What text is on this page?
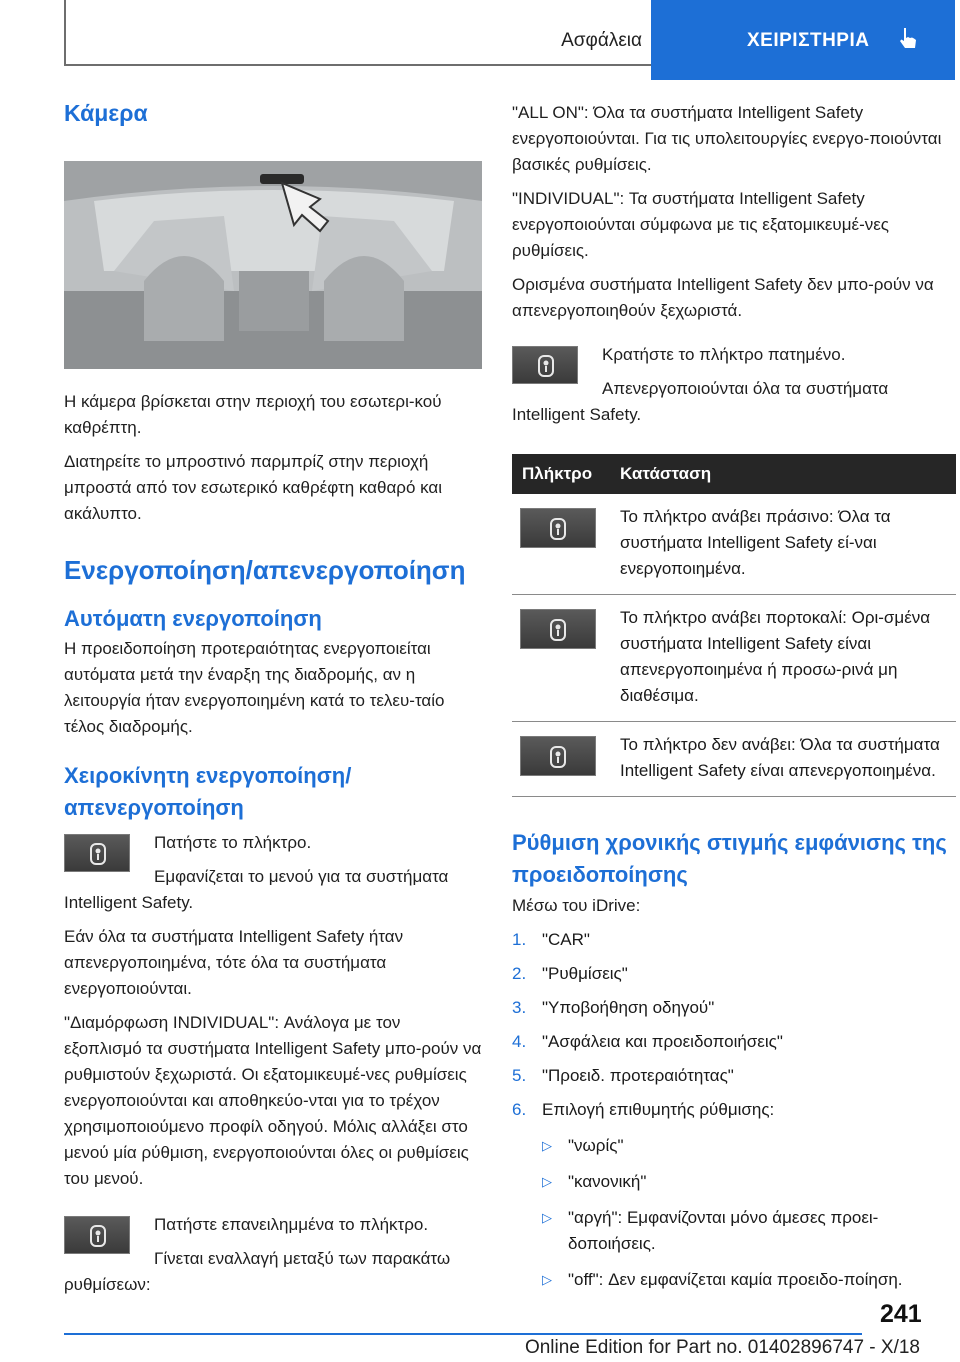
Ασφάλεια	ΧΕΙΡΙΣΤΗΡΙΑ
Κάμερα
Η κάμερα βρίσκεται στην περιοχή του εσωτερι-κού καθρέπτη.
Διατηρείτε το μπροστινό παρμπρίζ στην περιοχή μπροστά από τον εσωτερικό καθρέφτη καθαρό και ακάλυπτο.
Ενεργοποίηση/απενεργοποίηση
Αυτόματη ενεργοποίηση
Η προειδοποίηση προτεραιότητας ενεργοποιείται αυτόματα μετά την έναρξη της διαδρομής, αν η λειτουργία ήταν ενεργοποιημένη κατά το τελευ-ταίο τέλος διαδρομής.
Χειροκίνητη ενεργοποίηση/απενεργοποίηση
Πατήστε το πλήκτρο.
Εμφανίζεται το μενού για τα συστήματα Intelligent Safety.
Εάν όλα τα συστήματα Intelligent Safety ήταν απενεργοποιημένα, τότε όλα τα συστήματα ενεργοποιούνται.
"Διαμόρφωση INDIVIDUAL": Ανάλογα με τον εξοπλισμό τα συστήματα Intelligent Safety μπο-ρούν να ρυθμιστούν ξεχωριστά. Οι εξατομικευμέ-νες ρυθμίσεις ενεργοποιούνται και αποθηκεύο-νται για το τρέχον χρησιμοποιούμενο προφίλ οδηγού. Μόλις αλλάξει στο μενού μία ρύθμιση, ενεργοποιούνται όλες οι ρυθμίσεις του μενού.
Πατήστε επανειλημμένα το πλήκτρο.
Γίνεται εναλλαγή μεταξύ των παρακάτω ρυθμίσεων:
"ALL ON": Όλα τα συστήματα Intelligent Safety ενεργοποιούνται. Για τις υπολειτουργίες ενεργο-ποιούνται βασικές ρυθμίσεις.
"INDIVIDUAL": Τα συστήματα Intelligent Safety ενεργοποιούνται σύμφωνα με τις εξατομικευμέ-νες ρυθμίσεις.
Ορισμένα συστήματα Intelligent Safety δεν μπο-ρούν να απενεργοποιηθούν ξεχωριστά.
Κρατήστε το πλήκτρο πατημένο.
Απενεργοποιούνται όλα τα συστήματα Intelligent Safety.
Πλήκτρο	Κατάσταση
Το πλήκτρο ανάβει πράσινο: Όλα τα συστήματα Intelligent Safety εί-ναι ενεργοποιημένα.
Το πλήκτρο ανάβει πορτοκαλί: Ορι-σμένα συστήματα Intelligent Safety είναι απενεργοποιημένα ή προσω-ρινά μη διαθέσιμα.
Το πλήκτρο δεν ανάβει: Όλα τα συστήματα Intelligent Safety είναι απενεργοποιημένα.
Ρύθμιση χρονικής στιγμής εμφάνισης της προειδοποίησης
Μέσω του iDrive:
1. "CAR"
2. "Ρυθμίσεις"
3. "Υποβοήθηση οδηγού"
4. "Ασφάλεια και προειδοποιήσεις"
5. "Προειδ. προτεραιότητας"
6. Επιλογή επιθυμητής ρύθμισης:
▷ "νωρίς"
▷ "κανονική"
▷ "αργή": Εμφανίζονται μόνο άμεσες προει-δοποιήσεις.
▷ "off": Δεν εμφανίζεται καμία προειδο-ποίηση.
241
Online Edition for Part no. 01402896747 - X/18
